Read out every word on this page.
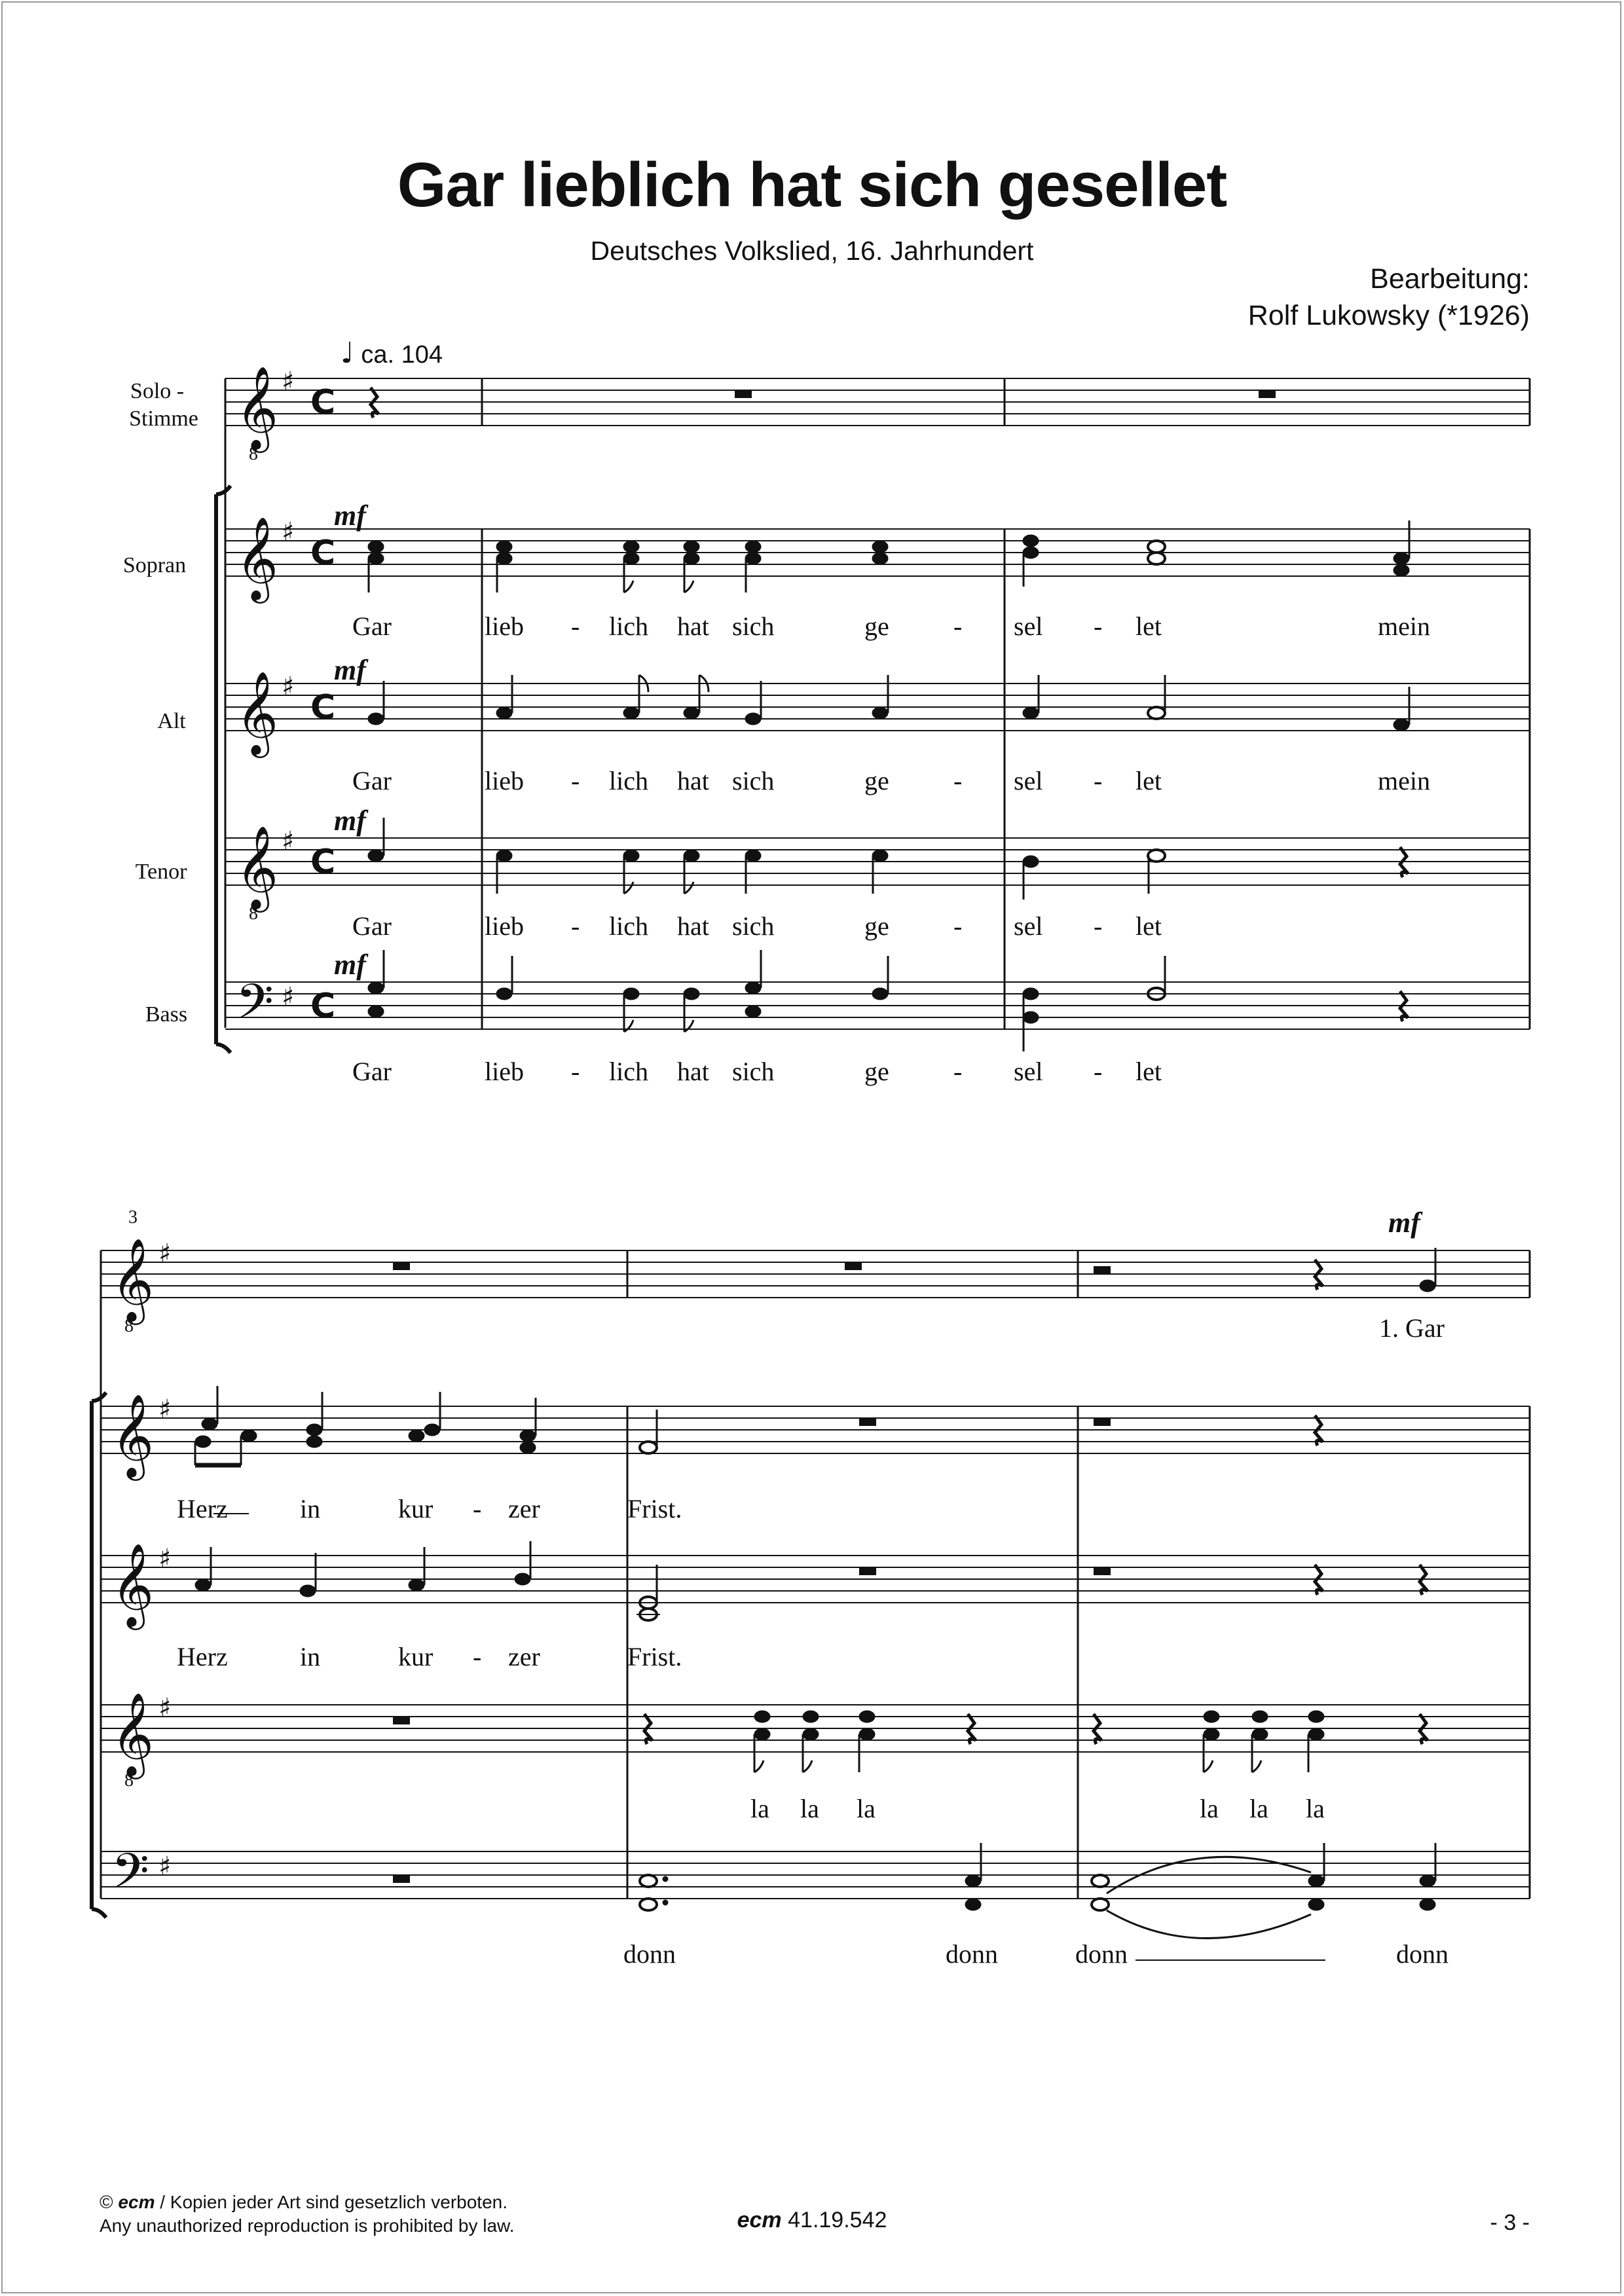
Gar lieblich hat sich gesellet
Deutsches Volkslied, 16. Jahrhundert
Bearbeitung:
Rolf Lukowsky (*1926)
♩ ca. 104
Solo -
Stimme
Sopran
Alt
Tenor
Bass
𝄞
8
𝄞
𝄞
𝄞
8
𝄢
♯
♯
♯
♯
♯
C
C
C
C
C
mf
mf
mf
mf
Gar	lieb - lich hat sich	ge - sel - let	mein
Gar	lieb - lich hat sich	ge - sel - let	mein
Gar	lieb - lich hat sich	ge - sel - let
Gar	lieb - lich hat sich	ge - sel - let
3
𝄞
8
𝄞
𝄞
𝄞
8
𝄢
♯
♯
♯
♯
♯
mf
1. Gar
Herz	in	kur - zer	Frist.
Herz	in	kur - zer	Frist.
la la la	la la la
donn	donn	donn	donn
© ecm / Kopien jeder Art sind gesetzlich verboten.
Any unauthorized reproduction is prohibited by law.	ecm 41.19.542	- 3 -
